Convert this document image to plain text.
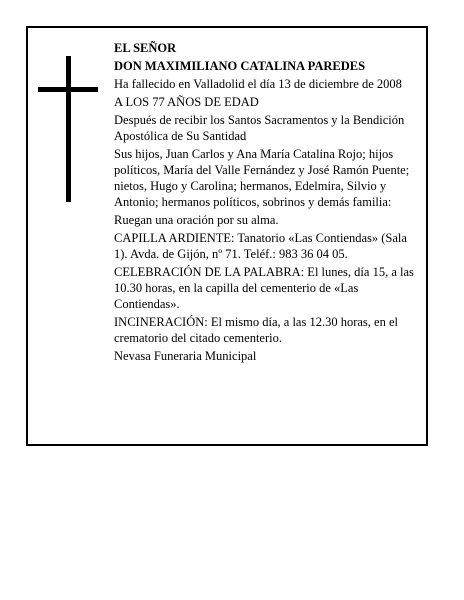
EL SEÑOR

DON MAXIMILIANO CATALINA PAREDES

Ha fallecido en Valladolid el día 13 de diciembre de 2008

A LOS 77 AÑOS DE EDAD

Después de recibir los Santos Sacramentos y la Bendición Apostólica de Su Santidad

Sus hijos, Juan Carlos y Ana María Catalina Rojo; hijos políticos, María del Valle Fernández y José Ramón Puente; nietos, Hugo y Carolina; hermanos, Edelmira, Silvio y Antonio; hermanos políticos, sobrinos y demás familia:

Ruegan una oración por su alma.

CAPILLA ARDIENTE: Tanatorio «Las Contiendas» (Sala 1). Avda. de Gijón, nº 71. Teléf.: 983 36 04 05.

CELEBRACIÓN DE LA PALABRA: El lunes, día 15, a las 10.30 horas, en la capilla del cementerio de «Las Contiendas».

INCINERACIÓN: El mismo día, a las 12.30 horas, en el crematorio del citado cementerio.

Nevasa Funeraria Municipal
